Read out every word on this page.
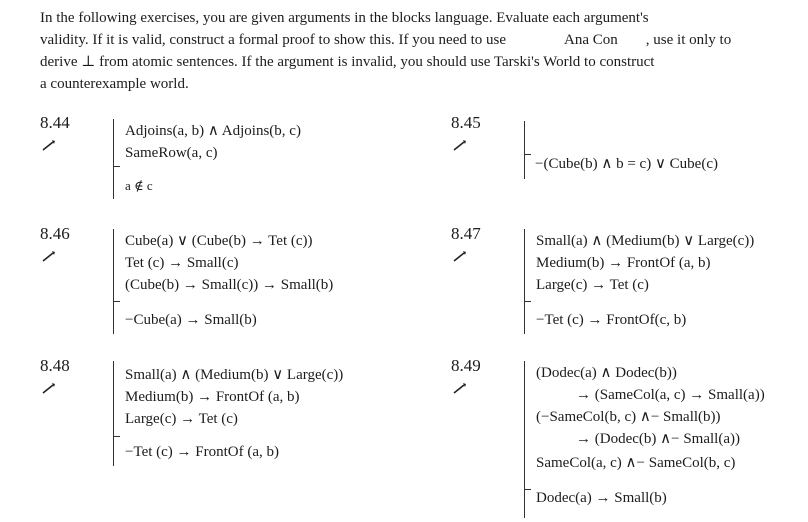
In the following exercises, you are given arguments in the blocks language. Evaluate each argument's
validity. If it is valid, construct a formal proof to show this. If you need to use	Ana Con , use it only to
derive ⊥ from atomic sentences. If the argument is invalid, you should use Tarski's World to construct
a counterexample world.
8.44	Adjoins(a, b) ∧ Adjoins(b, c)
SameRow(a, c)
a ∉ c
8.45
−(Cube(b) ∧ b = c) ∨ Cube(c)
8.46	Cube(a) ∨ (Cube(b) → Tet (c))
Tet (c) → Small(c)
(Cube(b) → Small(c)) → Small(b)
−Cube(a) → Small(b)
8.47	Small(a) ∧ (Medium(b) ∨ Large(c))
Medium(b) → FrontOf (a, b)
Large(c) → Tet (c)
−Tet (c) → FrontOf(c, b)
8.48	Small(a) ∧ (Medium(b) ∨ Large(c))
Medium(b) → FrontOf (a, b)
Large(c) → Tet (c)
−Tet (c) → FrontOf (a, b)
8.49	(Dodec(a) ∧ Dodec(b))
→ (SameCol(a, c) → Small(a))
(−SameCol(b, c) ∧− Small(b))
→ (Dodec(b) ∧− Small(a))
SameCol(a, c) ∧− SameCol(b, c)
Dodec(a) → Small(b)
